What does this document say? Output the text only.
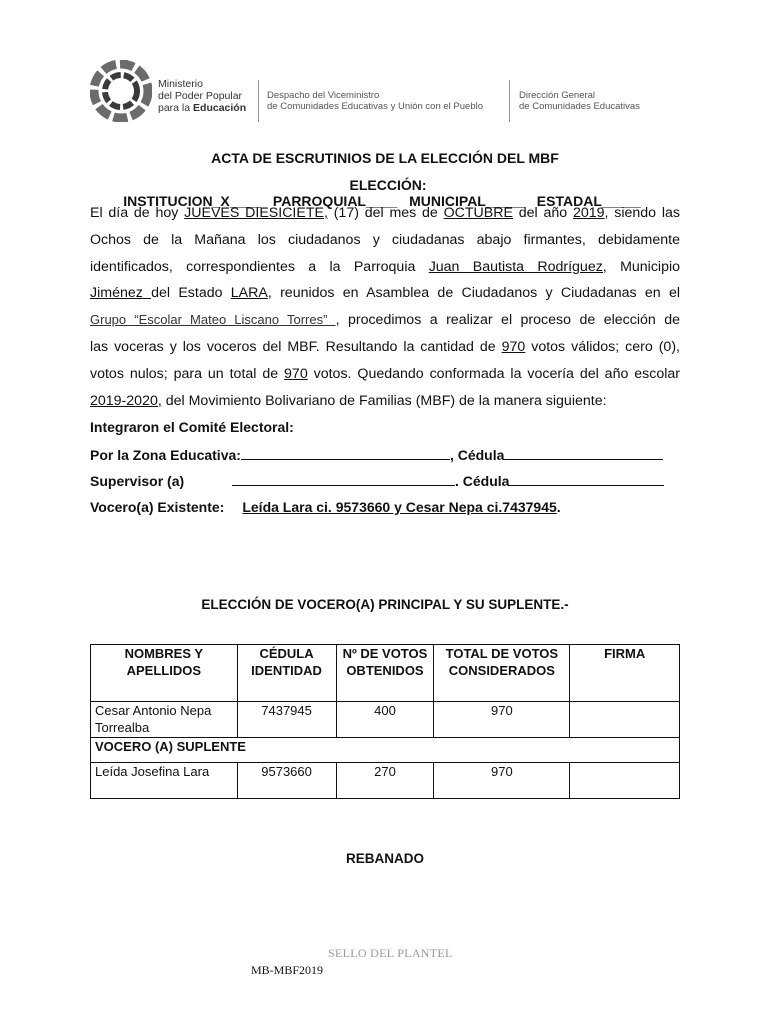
Ministerio
del Poder Popular
para la Educación
Despacho del Viceministro
de Comunidades Educativas y Unión con el Pueblo
Dirección General
de Comunidades Educativas
ACTA DE ESCRUTINIOS DE LA ELECCIÓN DEL MBF
ELECCIÓN: INSTITUCION_X____ PARROQUIAL____ MUNICIPAL_____ ESTADAL_____
El día de hoy JUEVES DIESICIETE, (17) del mes de OCTUBRE del año 2019, siendo las
Ochos de la Mañana los ciudadanos y ciudadanas abajo firmantes, debidamente
identificados, correspondientes a la Parroquia Juan Bautista Rodríguez, Municipio
Jiménez del Estado LARA, reunidos en Asamblea de Ciudadanos y Ciudadanas en el
Grupo “Escolar Mateo Liscano Torres” , procedimos a realizar el proceso de elección de
las voceras y los voceros del MBF. Resultando la cantidad de 970 votos válidos; cero (0),
votos nulos; para un total de 970 votos. Quedando conformada la vocería del año escolar
2019-2020, del Movimiento Bolivariano de Familias (MBF) de la manera siguiente:
Integraron el Comité Electoral:
Por la Zona Educativa:	, Cédula
Supervisor (a)	. Cédula
Vocero(a) Existente: Leída Lara ci. 9573660 y Cesar Nepa ci.7437945.
ELECCIÓN DE VOCERO(A) PRINCIPAL Y SU SUPLENTE.-
NOMBRES Y APELLIDOS	CÉDULA IDENTIDAD	Nº DE VOTOS OBTENIDOS	TOTAL DE VOTOS CONSIDERADOS	FIRMA
Cesar Antonio Nepa Torrealba	7437945	400	970	
VOCERO (A) SUPLENTE				
Leída Josefina Lara	9573660	270	970	
REBANADO
SELLO DEL PLANTEL
MB-MBF2019
